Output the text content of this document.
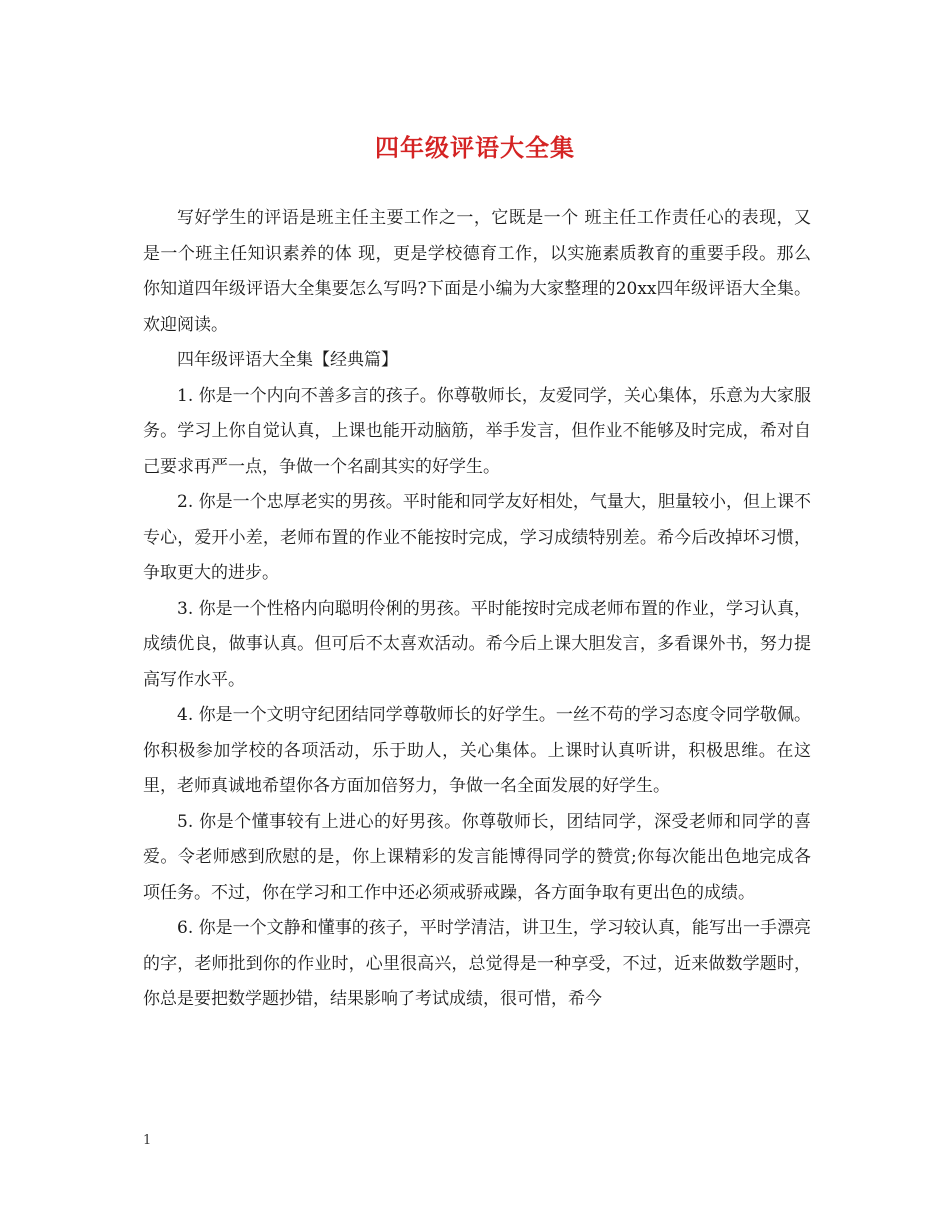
四年级评语大全集

写好学生的评语是班主任主要工作之一，它既是一个 班主任工作责任心的表现，又是一个班主任知识素养的体 现，更是学校德育工作，以实施素质教育的重要手段。那么你知道四年级评语大全集要怎么写吗?下面是小编为大家整理的20xx四年级评语大全集。欢迎阅读。

四年级评语大全集【经典篇】

1. 你是一个内向不善多言的孩子。你尊敬师长，友爱同学，关心集体，乐意为大家服务。学习上你自觉认真，上课也能开动脑筋，举手发言，但作业不能够及时完成，希对自己要求再严一点，争做一个名副其实的好学生。

2. 你是一个忠厚老实的男孩。平时能和同学友好相处，气量大，胆量较小，但上课不专心，爱开小差，老师布置的作业不能按时完成，学习成绩特别差。希今后改掉坏习惯，争取更大的进步。

3. 你是一个性格内向聪明伶俐的男孩。平时能按时完成老师布置的作业，学习认真，成绩优良，做事认真。但可后不太喜欢活动。希今后上课大胆发言，多看课外书，努力提高写作水平。

4. 你是一个文明守纪团结同学尊敬师长的好学生。一丝不苟的学习态度令同学敬佩。你积极参加学校的各项活动，乐于助人，关心集体。上课时认真听讲，积极思维。在这里，老师真诚地希望你各方面加倍努力，争做一名全面发展的好学生。

5. 你是个懂事较有上进心的好男孩。你尊敬师长，团结同学，深受老师和同学的喜爱。令老师感到欣慰的是，你上课精彩的发言能博得同学的赞赏;你每次能出色地完成各项任务。不过，你在学习和工作中还必须戒骄戒躁，各方面争取有更出色的成绩。

6. 你是一个文静和懂事的孩子，平时学清洁，讲卫生，学习较认真，能写出一手漂亮的字，老师批到你的作业时，心里很高兴，总觉得是一种享受，不过，近来做数学题时，你总是要把数学题抄错，结果影响了考试成绩，很可惜，希今

1
